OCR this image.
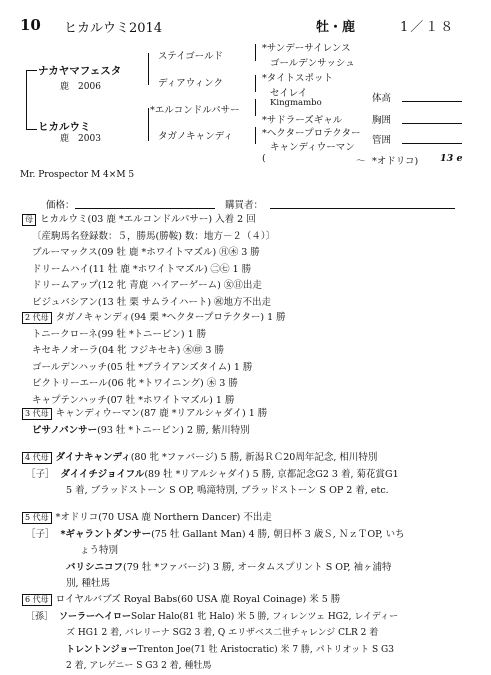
10 ヒカルウミ2014	牡・鹿	1／１８
ナカヤマフェスタ
鹿　 2006
ヒカルウミ
鹿　 2003
ステイゴールド
ディアウィンク
*エルコンドルパサー
タガノキャンディ
*サンデーサイレンス
ゴールデンサッシュ
*タイトスポット
セイレイ
Kingmambo
*サドラーズギャル
*ヘクタープロテクター
キャンディウーマン
(	～ *オドリコ) 13 e
体高
胸囲
管囲
Mr. Prospector M 4×M 5
価格：	購買者：
母 ヒカルウミ(03 鹿 *エルコンドルパサー) 入着 2 回
〔産駒馬名登録数：５，勝馬(勝鞍) 数：地方－２（４）〕
ブルーマックス(09 牡 鹿 *ホワイトマズル) ㊊㊍ 3 勝
ドリームハイ(11 牡 鹿 *ホワイトマズル) ㊁㊆ 1 勝
ドリームアップ(12 牝 青鹿 ハイアーゲーム) ㊛㊐出走
ビジュバシアン(13 牡 栗 サムライハート) ㊗地方不出走
2 代母 タガノキャンディ(94 栗 *ヘクタープロテクター) 1 勝
トニークローネ(99 牡 *トニービン) 1 勝
キセキノオーラ(04 牝 フジキセキ) ㊍㊞ 3 勝
ゴールデンハッチ(05 牡 *ブライアンズタイム) 1 勝
ビクトリーエール(06 牝 *トワイニング) ㊍ 3 勝
キャプテンハッチ(07 牡 *ホワイトマズル) 1 勝
3 代母 キャンディウーマン(87 鹿 *リアルシャダイ) 1 勝
ビサノパンサー(93 牡 *トニービン) 2 勝, 紫川特別
4 代母 ダイナキャンディ(80 牝 *ファバージ) 5 勝, 新潟ＲＣ20周年記念, 相川特別
［子］ ダイイチジョイフル(89 牡 *リアルシャダイ) 5 勝, 京都記念G2 3 着, 菊花賞G1
5 着, ブラッドストーン S OP, 鳴滝特別, ブラッドストーン S OP 2 着, etc.
5 代母 *オドリコ(70 USA 鹿 Northern Dancer) 不出走
［子］ *ギャラントダンサー(75 牡 Gallant Man) 4 勝, 朝日杯 3 歳Ｓ, ＮｚＴOP, いち
ょう特別
バリシニコフ(79 牡 *ファバージ) 3 勝, オータムスプリント S OP, 袖ヶ浦特
別, 種牡馬
6 代母 ロイヤルバブズ Royal Babs(60 USA 鹿 Royal Coinage) 米 5 勝
［孫］ ソーラーヘイローSolar Halo(81 牝 Halo) 米 5 勝, フィレンツェ HG2, レイディー
ズ HG1 2 着, バレリーナ SG2 3 着, Q エリザベス二世チャレンジ CLR 2 着
トレントンジョーTrenton Joe(71 牡 Aristocratic) 米 7 勝, パトリオット S G3
2 着, アレゲニー S G3 2 着, 種牡馬
